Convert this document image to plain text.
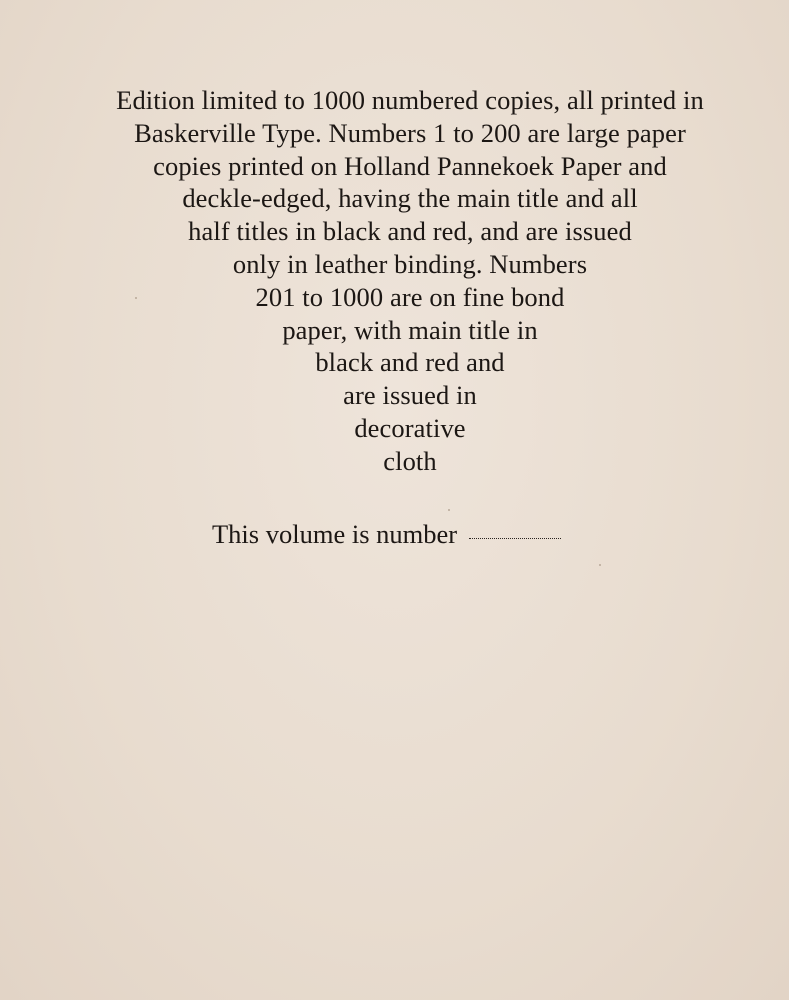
Edition limited to 1000 numbered copies, all printed in
Baskerville Type. Numbers 1 to 200 are large paper
copies printed on Holland Pannekoek Paper and
deckle-edged, having the main title and all
half titles in black and red, and are issued
only in leather binding. Numbers
201 to 1000 are on fine bond
paper, with main title in
black and red and
are issued in
decorative
cloth
This volume is number
